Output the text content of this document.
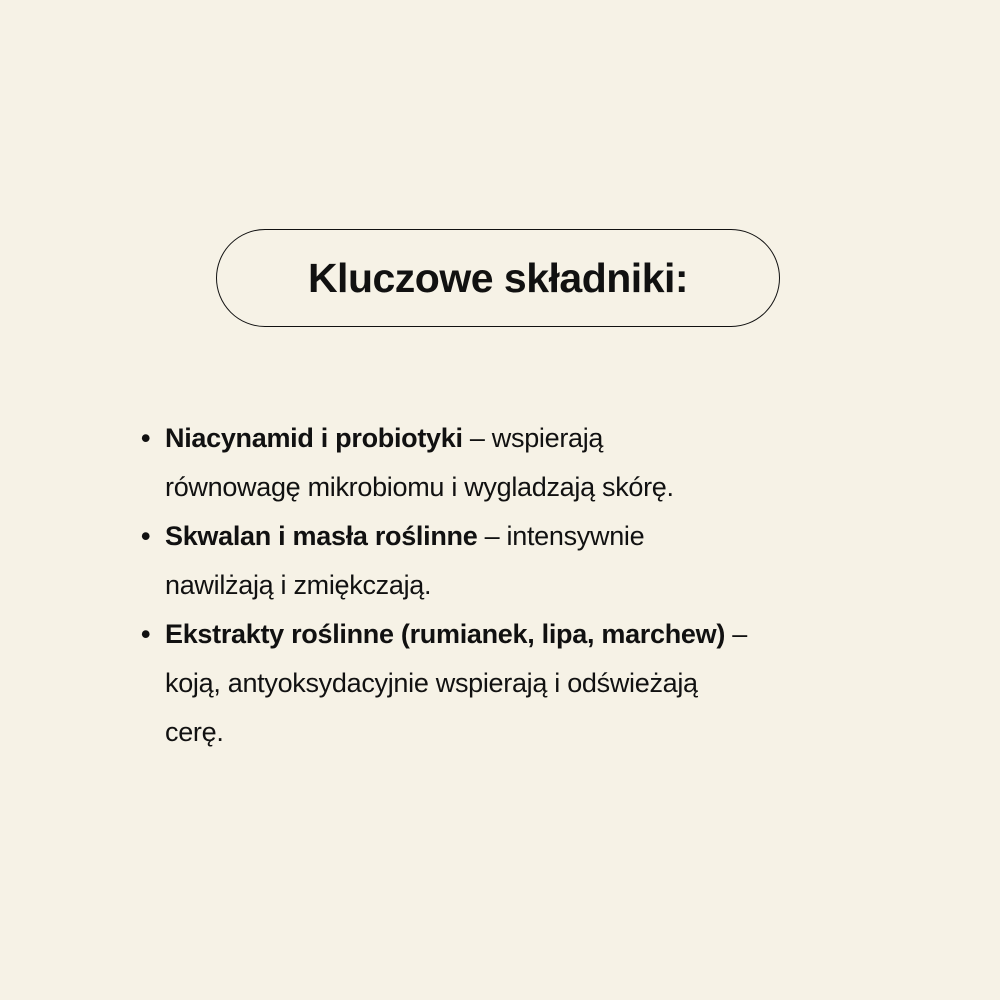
Kluczowe składniki:
• Niacynamid i probiotyki – wspierają
równowagę mikrobiomu i wygladzają skórę.
• Skwalan i masła roślinne – intensywnie
nawilżają i zmiękczają.
• Ekstrakty roślinne (rumianek, lipa, marchew) –
koją, antyoksydacyjnie wspierają i odświeżają
cerę.
